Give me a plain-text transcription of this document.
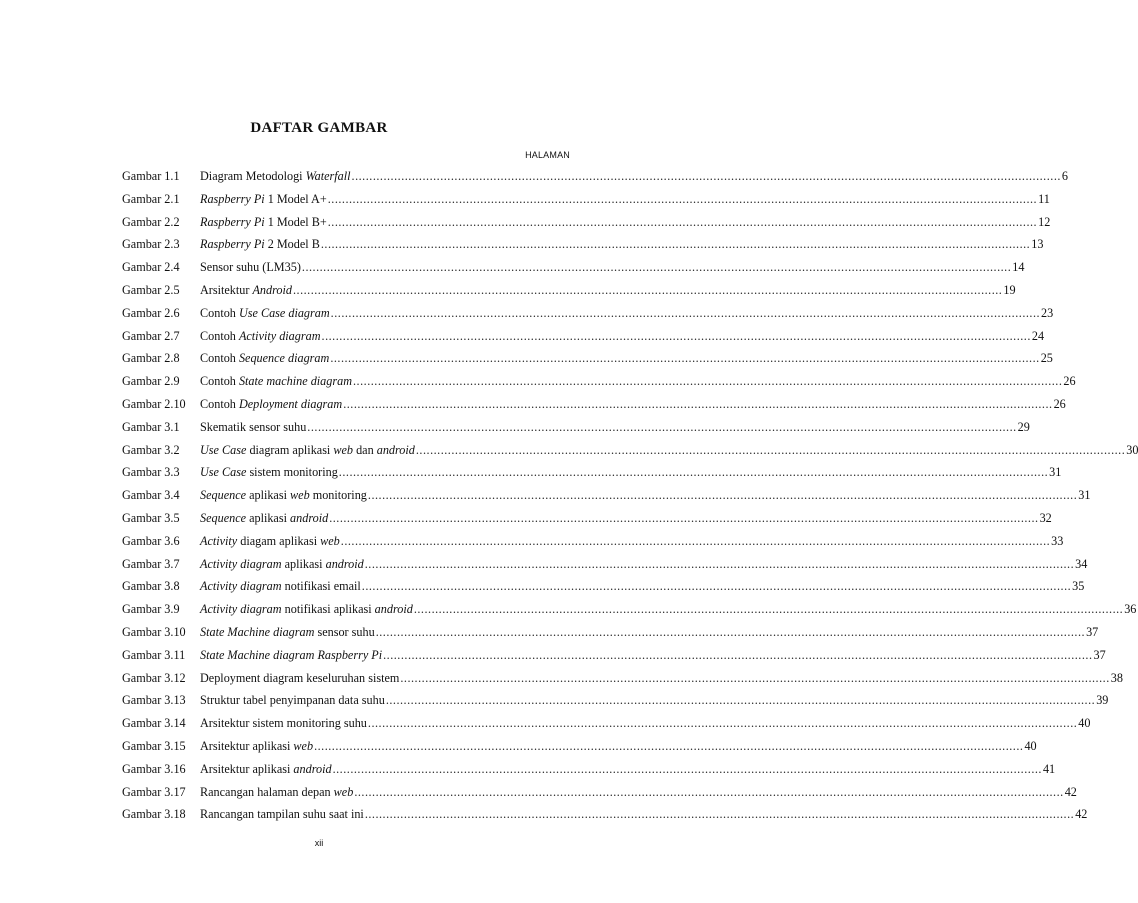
DAFTAR GAMBAR
HALAMAN
Gambar 1.1	Diagram Metodologi Waterfall .....	6
Gambar 2.1	Raspberry Pi 1 Model A+ .....	11
Gambar 2.2	Raspberry Pi 1 Model B+ .....	12
Gambar 2.3	Raspberry Pi 2 Model B .....	13
Gambar 2.4	Sensor suhu (LM35) .....	14
Gambar 2.5	Arsitektur Android .....	19
Gambar 2.6	Contoh Use Case diagram .....	23
Gambar 2.7	Contoh Activity diagram .....	24
Gambar 2.8	Contoh Sequence diagram .....	25
Gambar 2.9	Contoh State machine diagram .....	26
Gambar 2.10	Contoh Deployment diagram .....	26
Gambar 3.1	Skematik sensor suhu .....	29
Gambar 3.2	Use Case diagram aplikasi web dan android .....	30
Gambar 3.3	Use Case sistem monitoring .....	31
Gambar 3.4	Sequence aplikasi web monitoring .....	31
Gambar 3.5	Sequence aplikasi android .....	32
Gambar 3.6	Activity diagam aplikasi web .....	33
Gambar 3.7	Activity diagram aplikasi android .....	34
Gambar 3.8	Activity diagram notifikasi email .....	35
Gambar 3.9	Activity diagram notifikasi aplikasi android .....	36
Gambar 3.10	State Machine diagram sensor suhu .....	37
Gambar 3.11	State Machine diagram Raspberry Pi .....	37
Gambar 3.12	Deployment diagram keseluruhan sistem .....	38
Gambar 3.13	Struktur tabel penyimpanan data suhu .....	39
Gambar 3.14	Arsitektur sistem monitoring suhu .....	40
Gambar 3.15	Arsitektur aplikasi web .....	40
Gambar 3.16	Arsitektur aplikasi android .....	41
Gambar 3.17	Rancangan halaman depan web .....	42
Gambar 3.18	Rancangan tampilan suhu saat ini .....	42
xii
